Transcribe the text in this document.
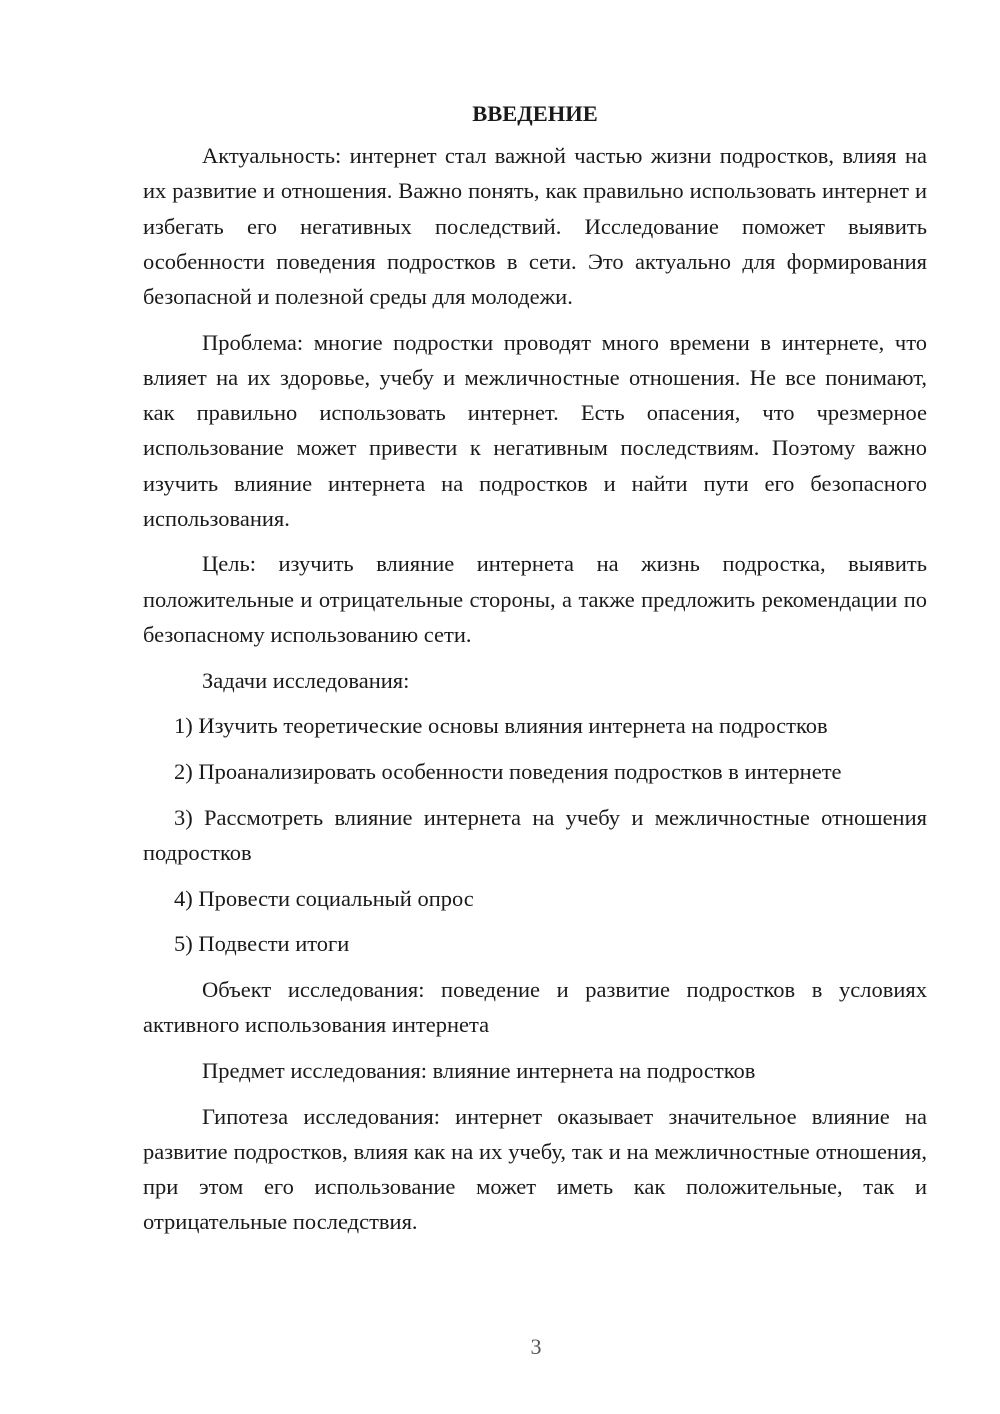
ВВЕДЕНИЕ

Актуальность: интернет стал важной частью жизни подростков, влияя на их развитие и отношения. Важно понять, как правильно использовать интернет и избегать его негативных последствий. Исследование поможет выявить особенности поведения подростков в сети. Это актуально для формирования безопасной и полезной среды для молодежи.

Проблема: многие подростки проводят много времени в интернете, что влияет на их здоровье, учебу и межличностные отношения. Не все понимают, как правильно использовать интернет. Есть опасения, что чрезмерное использование может привести к негативным последствиям. Поэтому важно изучить влияние интернета на подростков и найти пути его безопасного использования.

Цель: изучить влияние интернета на жизнь подростка, выявить положительные и отрицательные стороны, а также предложить рекомендации по безопасному использованию сети.

Задачи исследования:

1) Изучить теоретические основы влияния интернета на подростков

2) Проанализировать особенности поведения подростков в интернете

3) Рассмотреть влияние интернета на учебу и межличностные отношения подростков

4) Провести социальный опрос

5) Подвести итоги

Объект исследования: поведение и развитие подростков в условиях активного использования интернета

Предмет исследования: влияние интернета на подростков

Гипотеза исследования: интернет оказывает значительное влияние на развитие подростков, влияя как на их учебу, так и на межличностные отношения, при этом его использование может иметь как положительные, так и отрицательные последствия.

3
